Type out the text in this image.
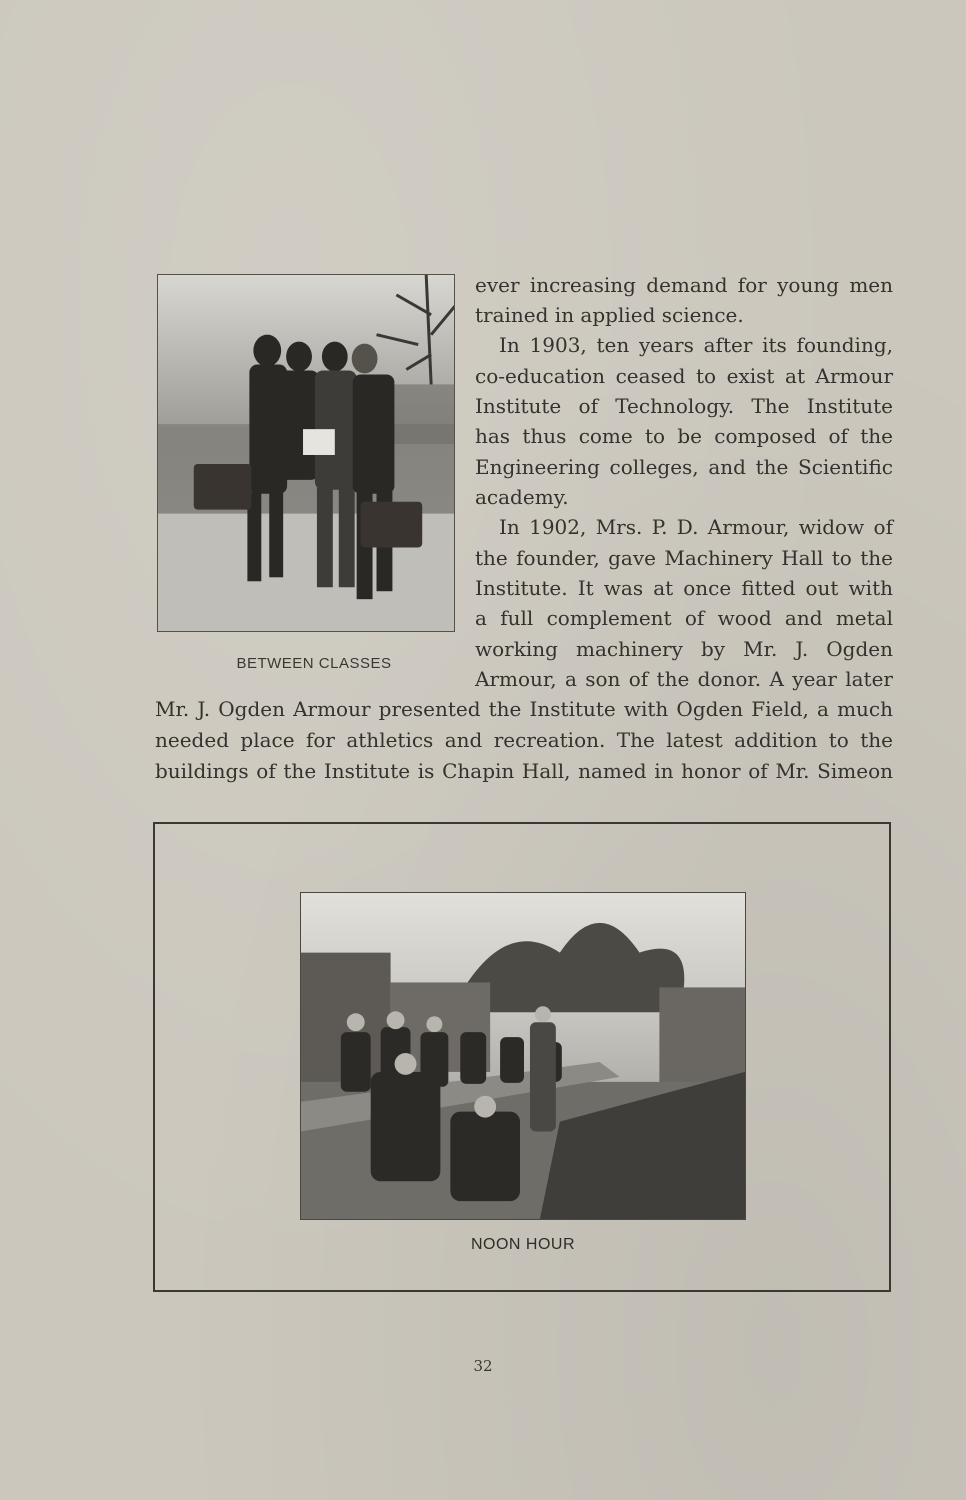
BETWEEN CLASSES
ever increasing demand for young men
trained in applied science.
In 1903, ten years after its founding,
co-education ceased to exist at Armour
Institute of Technology. The Institute
has thus come to be composed of the
Engineering colleges, and the Scientific
academy.
In 1902, Mrs. P. D. Armour, widow of
the founder, gave Machinery Hall to the
Institute. It was at once fitted out with
a full complement of wood and metal
working machinery by Mr. J. Ogden
Armour, a son of the donor. A year later
Mr. J. Ogden Armour presented the Institute with Ogden Field, a much
needed place for athletics and recreation. The latest addition to the
buildings of the Institute is Chapin Hall, named in honor of Mr. Simeon
NOON HOUR
32
